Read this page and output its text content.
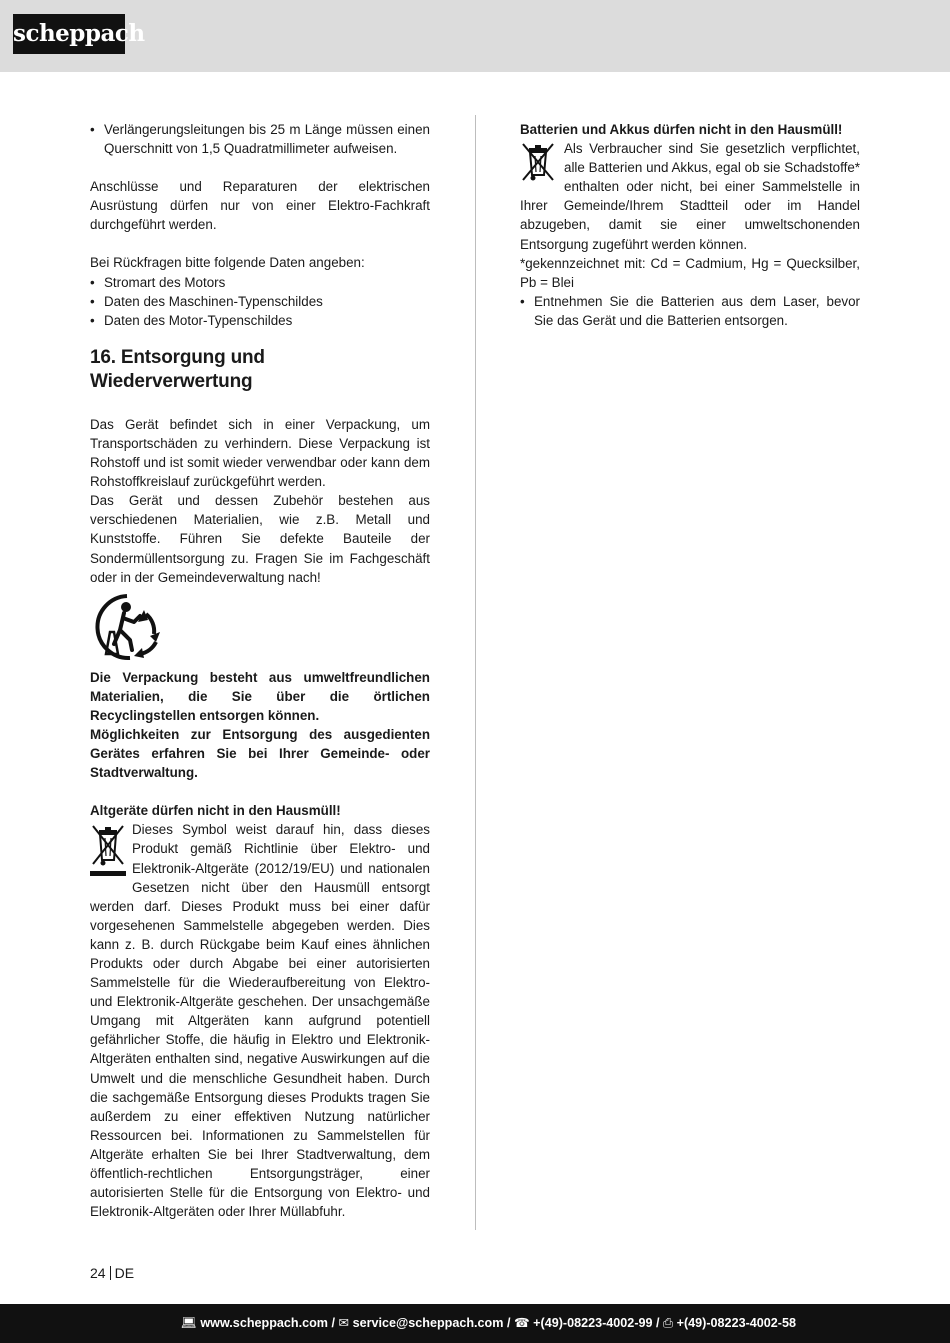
scheppach
• Verlängerungsleitungen bis 25 m Länge müssen einen Querschnitt von 1,5 Quadratmillimeter aufweisen.

Anschlüsse und Reparaturen der elektrischen Ausrüstung dürfen nur von einer Elektro-Fachkraft durchgeführt werden.

Bei Rückfragen bitte folgende Daten angeben:

• Stromart des Motors
• Daten des Maschinen-Typenschildes
• Daten des Motor-Typenschildes
16. Entsorgung und Wiederverwertung

Das Gerät befindet sich in einer Verpackung, um Transportschäden zu verhindern. Diese Verpackung ist Rohstoff und ist somit wieder verwendbar oder kann dem Rohstoffkreislauf zurückgeführt werden.

Das Gerät und dessen Zubehör bestehen aus verschiedenen Materialien, wie z.B. Metall und Kunststoffe. Führen Sie defekte Bauteile der Sondermüllentsorgung zu. Fragen Sie im Fachgeschäft oder in der Gemeindeverwaltung nach!

Die Verpackung besteht aus umweltfreundlichen Materialien, die Sie über die örtlichen Recyclingstellen entsorgen können.

Möglichkeiten zur Entsorgung des ausgedienten Gerätes erfahren Sie bei Ihrer Gemeinde- oder Stadtverwaltung.

Altgeräte dürfen nicht in den Hausmüll!

Dieses Symbol weist darauf hin, dass dieses Produkt gemäß Richtlinie über Elektro- und Elektronik-Altgeräte (2012/19/EU) und nationalen Gesetzen nicht über den Hausmüll entsorgt werden darf. Dieses Produkt muss bei einer dafür vorgesehenen Sammelstelle abgegeben werden. Dies kann z. B. durch Rückgabe beim Kauf eines ähnlichen Produkts oder durch Abgabe bei einer autorisierten Sammelstelle für die Wiederaufbereitung von Elektro- und Elektronik-Altgeräte geschehen. Der unsachgemäße Umgang mit Altgeräten kann aufgrund potentiell gefährlicher Stoffe, die häufig in Elektro und Elektronik-Altgeräten enthalten sind, negative Auswirkungen auf die Umwelt und die menschliche Gesundheit haben. Durch die sachgemäße Entsorgung dieses Produkts tragen Sie außerdem zu einer effektiven Nutzung natürlicher Ressourcen bei. Informationen zu Sammelstellen für Altgeräte erhalten Sie bei Ihrer Stadtverwaltung, dem öffentlich-rechtlichen Entsorgungsträger, einer autorisierten Stelle für die Entsorgung von Elektro- und Elektronik-Altgeräten oder Ihrer Müllabfuhr.

Batterien und Akkus dürfen nicht in den Hausmüll!

Als Verbraucher sind Sie gesetzlich verpflichtet, alle Batterien und Akkus, egal ob sie Schadstoffe* enthalten oder nicht, bei einer Sammelstelle in Ihrer Gemeinde/Ihrem Stadtteil oder im Handel abzugeben, damit sie einer umweltschonenden Entsorgung zugeführt werden können.

*gekennzeichnet mit: Cd = Cadmium, Hg = Quecksilber, Pb = Blei

• Entnehmen Sie die Batterien aus dem Laser, bevor Sie das Gerät und die Batterien entsorgen.
24 DE
💻︎ www.scheppach.com / ✉︎ service@scheppach.com / ☎︎ +(49)-08223-4002-99 / ⎙ +(49)-08223-4002-58
